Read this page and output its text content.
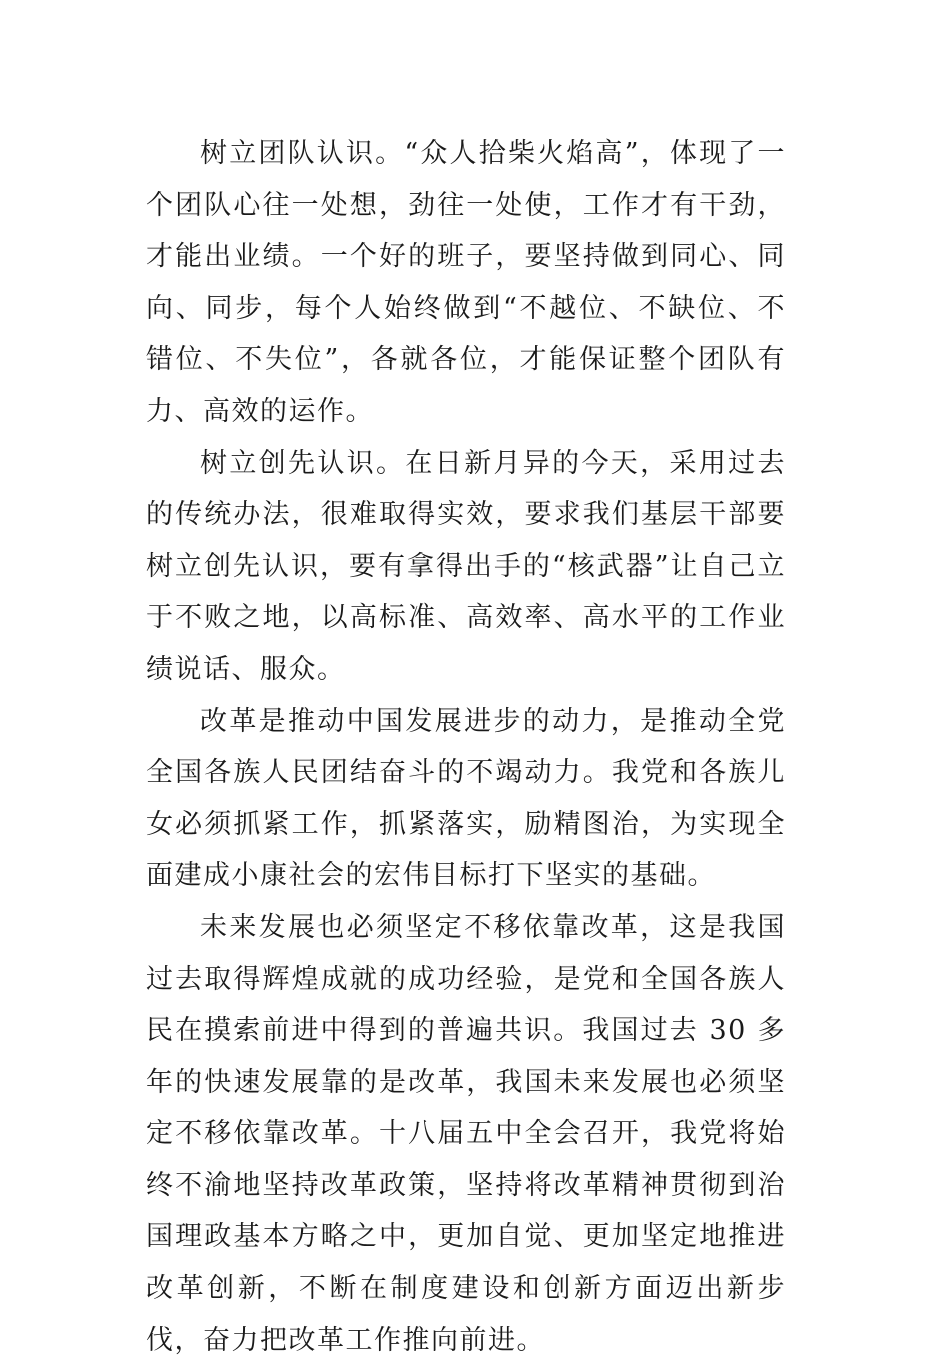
树立团队认识。“众人拾柴火焰高”，体现了一个团队心往一处想，劲往一处使，工作才有干劲，才能出业绩。一个好的班子，要坚持做到同心、同向、同步，每个人始终做到“不越位、不缺位、不错位、不失位”，各就各位，才能保证整个团队有力、高效的运作。

树立创先认识。在日新月异的今天，采用过去的传统办法，很难取得实效，要求我们基层干部要树立创先认识，要有拿得出手的“核武器”让自己立于不败之地，以高标准、高效率、高水平的工作业绩说话、服众。

改革是推动中国发展进步的动力，是推动全党全国各族人民团结奋斗的不竭动力。我党和各族儿女必须抓紧工作，抓紧落实，励精图治，为实现全面建成小康社会的宏伟目标打下坚实的基础。

未来发展也必须坚定不移依靠改革，这是我国过去取得辉煌成就的成功经验，是党和全国各族人民在摸索前进中得到的普遍共识。我国过去 30 多年的快速发展靠的是改革，我国未来发展也必须坚定不移依靠改革。十八届五中全会召开，我党将始终不渝地坚持改革政策，坚持将改革精神贯彻到治国理政基本方略之中，更加自觉、更加坚定地推进改革创新，不断在制度建设和创新方面迈出新步伐，奋力把改革工作推向前进。
